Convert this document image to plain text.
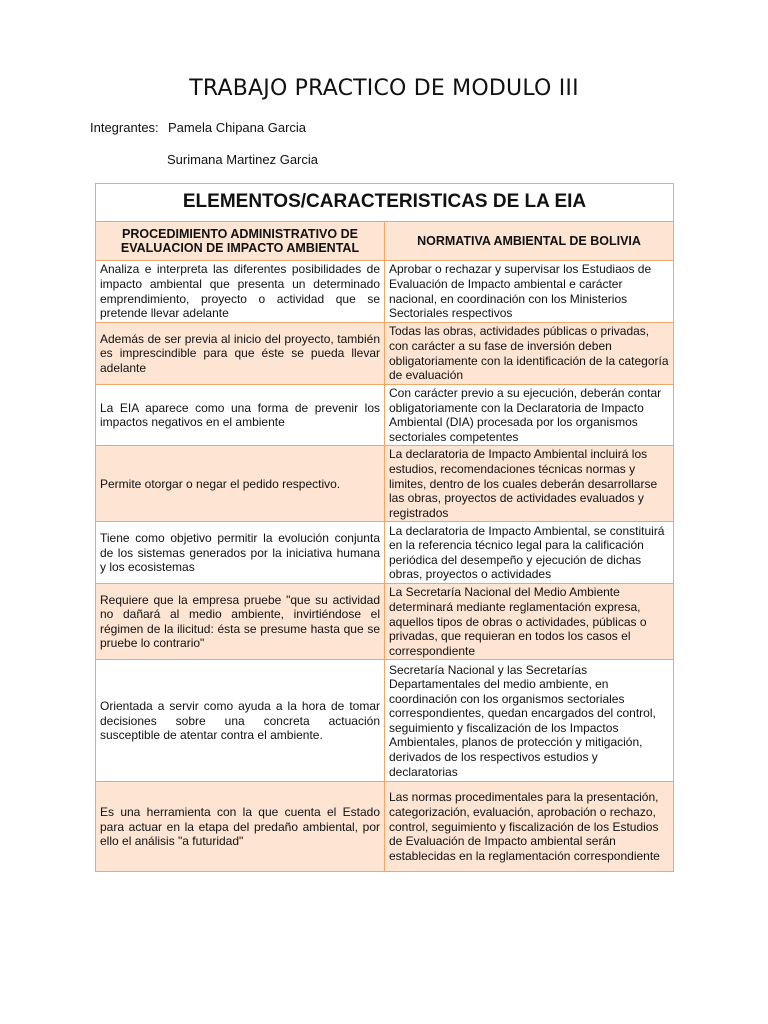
TRABAJO PRACTICO DE MODULO III
Integrantes: Pamela Chipana Garcia
Surimana Martinez Garcia
ELEMENTOS/CARACTERISTICAS DE LA EIA	
PROCEDIMIENTO ADMINISTRATIVO DE EVALUACION DE IMPACTO AMBIENTAL	NORMATIVA AMBIENTAL DE BOLIVIA
Analiza e interpreta las diferentes posibilidades de impacto ambiental que presenta un determinado emprendimiento, proyecto o actividad que se pretende llevar adelante	Aprobar o rechazar y supervisar los Estudiaos de Evaluación de Impacto ambiental e carácter nacional, en coordinación con los Ministerios Sectoriales respectivos
Además de ser previa al inicio del proyecto, también es imprescindible para que éste se pueda llevar adelante	Todas las obras, actividades públicas o privadas, con carácter a su fase de inversión deben obligatoriamente con la identificación de la categoría de evaluación
La EIA aparece como una forma de prevenir los impactos negativos en el ambiente	Con carácter previo a su ejecución, deberán contar obligatoriamente con la Declaratoria de Impacto Ambiental (DIA) procesada por los organismos sectoriales competentes
Permite otorgar o negar el pedido respectivo.	La declaratoria de Impacto Ambiental incluirá los estudios, recomendaciones técnicas normas y limites, dentro de los cuales deberán desarrollarse las obras, proyectos de actividades evaluados y registrados
Tiene como objetivo permitir la evolución conjunta de los sistemas generados por la iniciativa humana y los ecosistemas	La declaratoria de Impacto Ambiental, se constituirá en la referencia técnico legal para la calificación periódica del desempeño y ejecución de dichas obras, proyectos o actividades
Requiere que la empresa pruebe "que su actividad no dañará al medio ambiente, invirtiéndose el régimen de la ilicitud: ésta se presume hasta que se pruebe lo contrario"	La Secretaría Nacional del Medio Ambiente determinará mediante reglamentación expresa, aquellos tipos de obras o actividades, públicas o privadas, que requieran en todos los casos el correspondiente
Orientada a servir como ayuda a la hora de tomar decisiones sobre una concreta actuación susceptible de atentar contra el ambiente.	Secretaría Nacional y las Secretarías Departamentales del medio ambiente, en coordinación con los organismos sectoriales correspondientes, quedan encargados del control, seguimiento y fiscalización de los Impactos Ambientales, planos de protección y mitigación, derivados de los respectivos estudios y declaratorias
Es una herramienta con la que cuenta el Estado para actuar en la etapa del predaño ambiental, por ello el análisis "a futuridad"	Las normas procedimentales para la presentación, categorización, evaluación, aprobación o rechazo, control, seguimiento y fiscalización de los Estudios de Evaluación de Impacto ambiental serán establecidas en la reglamentación correspondiente
